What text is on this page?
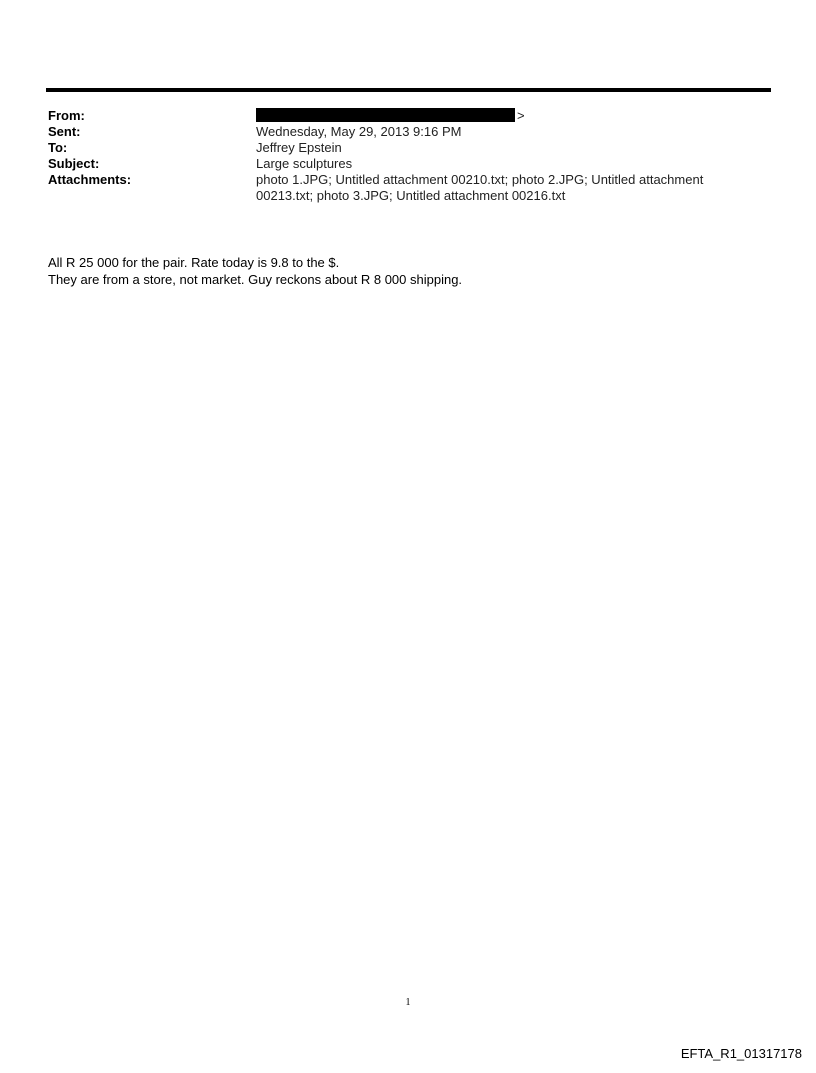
From:	>
Sent:	Wednesday, May 29, 2013 9:16 PM
To:	Jeffrey Epstein
Subject:	Large sculptures
Attachments:	photo 1.JPG; Untitled attachment 00210.txt; photo 2.JPG; Untitled attachment
00213.txt; photo 3.JPG; Untitled attachment 00216.txt

All R 25 000 for the pair. Rate today is 9.8 to the $.

They are from a store, not market. Guy reckons about R 8 000 shipping.

1
EFTA_R1_01317178
